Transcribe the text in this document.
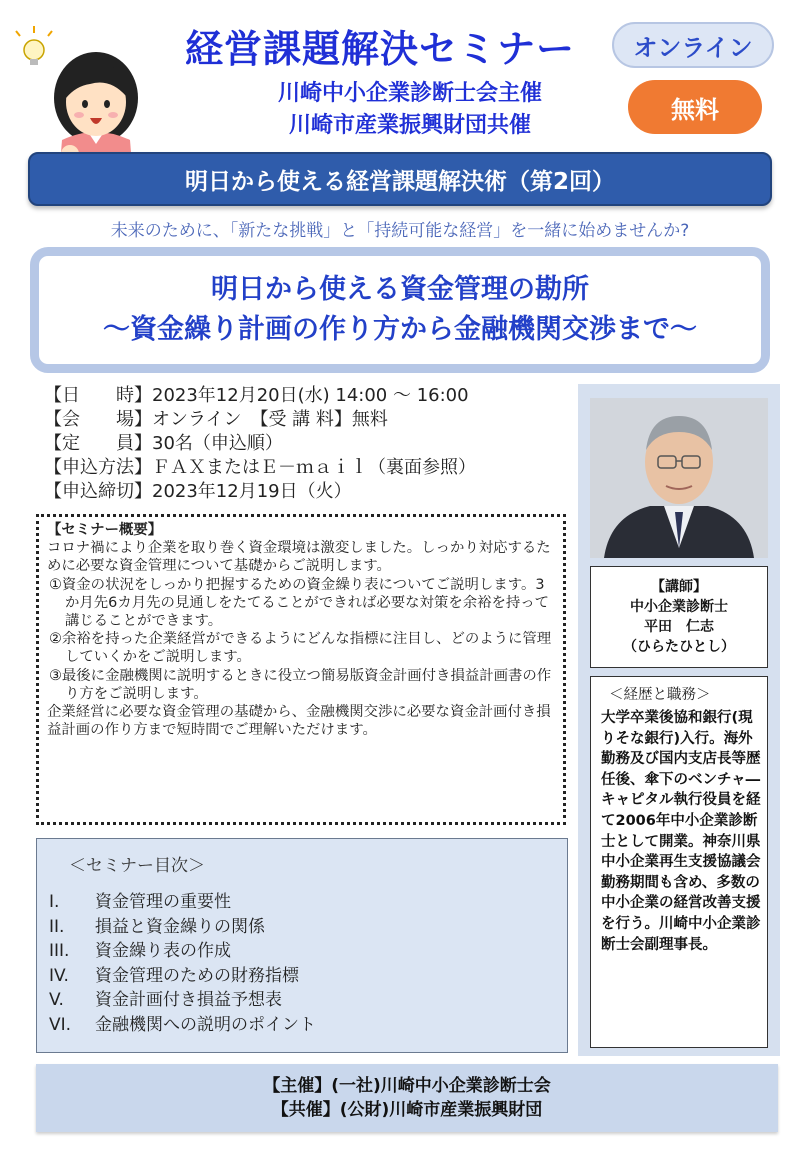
経営課題解決セミナー	オンライン
川崎中小企業診断士会主催
川崎市産業振興財団共催
無料
明日から使える経営課題解決術（第2回）
未来のために、「新たな挑戦」と「持続可能な経営」を一緒に始めませんか?
明日から使える資金管理の勘所
～資金繰り計画の作り方から金融機関交渉まで～
【日　　時】2023年12月20日(水) 14:00 ～ 16:00
【会　　場】オンライン　【受 講 料】無料
【定　　員】30名（申込順）
【申込方法】ＦＡＸまたはＥ－ｍａｉｌ（裏面参照）
【申込締切】2023年12月19日（火）
【セミナー概要】
コロナ禍により企業を取り巻く資金環境は激変しました。しっかり対応するために必要な資金管理について基礎からご説明します。
①資金の状況をしっかり把握するための資金繰り表についてご説明します。3か月先6カ月先の見通しをたてることができれば必要な対策を余裕を持って講じることができます。
②余裕を持った企業経営ができるようにどんな指標に注目し、どのように管理していくかをご説明します。
③最後に金融機関に説明するときに役立つ簡易版資金計画付き損益計画書の作り方をご説明します。
企業経営に必要な資金管理の基礎から、金融機関交渉に必要な資金計画付き損益計画の作り方まで短時間でご理解いただけます。
＜セミナー目次＞
I.	資金管理の重要性
II.	損益と資金繰りの関係
III.	資金繰り表の作成
IV.	資金管理のための財務指標
V.	資金計画付き損益予想表
VI.	金融機関への説明のポイント
【講師】
中小企業診断士
平田　仁志
（ひらたひとし）
＜経歴と職務＞
大学卒業後協和銀行(現りそな銀行)入行。海外勤務及び国内支店長等歴任後、傘下のベンチャ―キャピタル執行役員を経て2006年中小企業診断士として開業。神奈川県中小企業再生支援協議会勤務期間も含め、多数の中小企業の経営改善支援を行う。川崎中小企業診断士会副理事長。
【主催】(一社)川崎中小企業診断士会
【共催】(公財)川崎市産業振興財団
